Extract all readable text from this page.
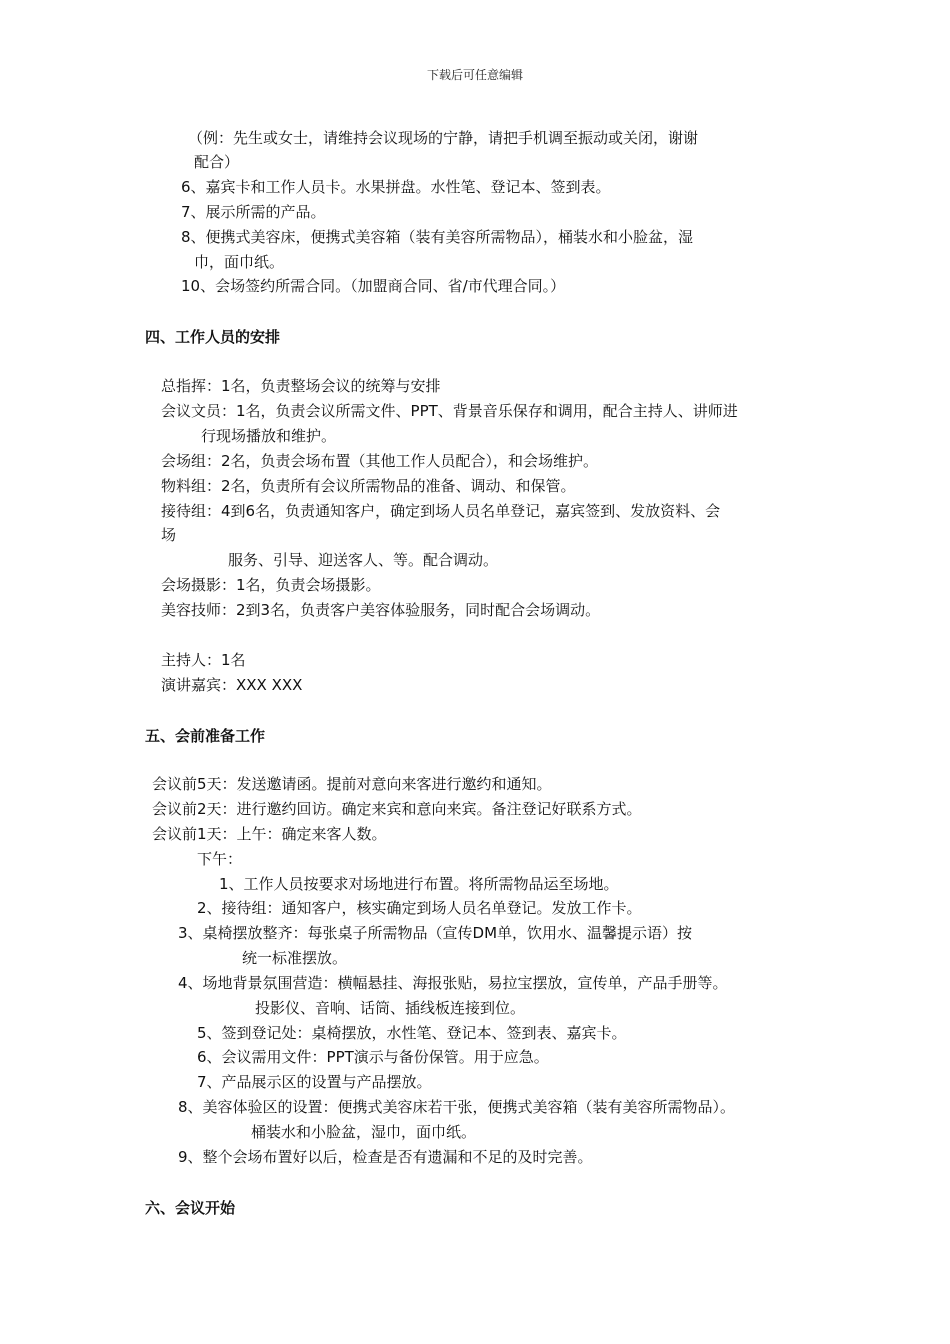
下载后可任意编辑
（例：先生或女士，请维持会议现场的宁静，请把手机调至振动或关闭，谢谢
配合）
6、嘉宾卡和工作人员卡。水果拼盘。水性笔、登记本、签到表。
7、展示所需的产品。
8、便携式美容床，便携式美容箱（装有美容所需物品），桶装水和小脸盆，湿
巾，面巾纸。
10、会场签约所需合同。（加盟商合同、省/市代理合同。）
四、工作人员的安排
总指挥：1名，负责整场会议的统筹与安排
会议文员：1名，负责会议所需文件、PPT、背景音乐保存和调用，配合主持人、讲师进
行现场播放和维护。
会场组：2名，负责会场布置（其他工作人员配合），和会场维护。
物料组：2名，负责所有会议所需物品的准备、调动、和保管。
接待组：4到6名，负责通知客户，确定到场人员名单登记，嘉宾签到、发放资料、会
场
服务、引导、迎送客人、等。配合调动。
会场摄影：1名，负责会场摄影。
美容技师：2到3名，负责客户美容体验服务，同时配合会场调动。
主持人：1名
演讲嘉宾：XXX XXX
五、会前准备工作
会议前5天：发送邀请函。提前对意向来客进行邀约和通知。
会议前2天：进行邀约回访。确定来宾和意向来宾。备注登记好联系方式。
会议前1天：上午：确定来客人数。
下午：
1、工作人员按要求对场地进行布置。将所需物品运至场地。
2、接待组：通知客户，核实确定到场人员名单登记。发放工作卡。
3、桌椅摆放整齐：每张桌子所需物品（宣传DM单，饮用水、温馨提示语）按
统一标准摆放。
4、场地背景氛围营造：横幅悬挂、海报张贴，易拉宝摆放，宣传单，产品手册等。
投影仪、音响、话筒、插线板连接到位。
5、签到登记处：桌椅摆放，水性笔、登记本、签到表、嘉宾卡。
6、会议需用文件：PPT演示与备份保管。用于应急。
7、产品展示区的设置与产品摆放。
8、美容体验区的设置：便携式美容床若干张，便携式美容箱（装有美容所需物品）。
桶装水和小脸盆，湿巾，面巾纸。
9、整个会场布置好以后，检查是否有遗漏和不足的及时完善。
六、会议开始
